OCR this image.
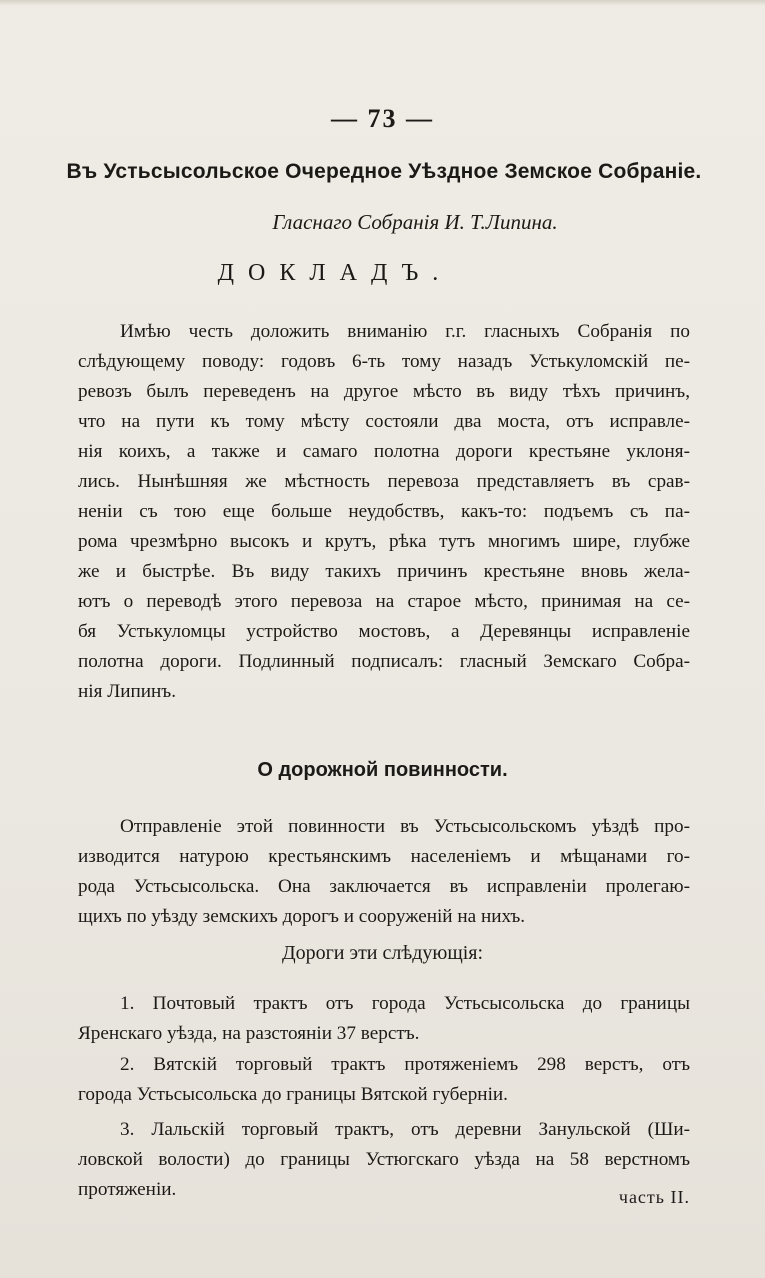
— 73 —
Въ Устьсысольское Очередное Уѣздное Земское Собраніе.
Гласнаго Собранія И. Т.Липина.
ДОКЛАДЪ.
Имѣю честь доложить вниманію г.г. гласныхъ Собранія по
слѣдующему поводу: годовъ 6-ть тому назадъ Устькуломскій пе-
ревозъ былъ переведенъ на другое мѣсто въ виду тѣхъ причинъ,
что на пути къ тому мѣсту состояли два моста, отъ исправле-
нія коихъ, а также и самаго полотна дороги крестьяне уклоня-
лись. Нынѣшняя же мѣстность перевоза представляетъ въ срав-
неніи съ тою еще больше неудобствъ, какъ-то: подъемъ съ па-
рома чрезмѣрно высокъ и крутъ, рѣка тутъ многимъ шире, глубже
же и быстрѣе. Въ виду такихъ причинъ крестьяне вновь жела-
ютъ о переводѣ этого перевоза на старое мѣсто, принимая на се-
бя Устькуломцы устройство мостовъ, а Деревянцы исправленіе
полотна дороги. Подлинный подписалъ: гласный Земскаго Собра-
нія Липинъ.
О дорожной повинности.
Отправленіе этой повинности въ Устьсысольскомъ уѣздѣ про-
изводится натурою крестьянскимъ населеніемъ и мѣщанами го-
рода Устьсысольска. Она заключается въ исправленіи пролегаю-
щихъ по уѣзду земскихъ дорогъ и сооруженій на нихъ.
Дороги эти слѣдующія:
1. Почтовый трактъ отъ города Устьсысольска до границы
Яренскаго уѣзда, на разстояніи 37 верстъ.
2. Вятскій торговый трактъ протяженіемъ 298 верстъ, отъ
города Устьсысольска до границы Вятской губерніи.
3. Лальскій торговый трактъ, отъ деревни Занульской (Ши-
ловской волости) до границы Устюгскаго уѣзда на 58 верстномъ
протяженіи.	часть II.
